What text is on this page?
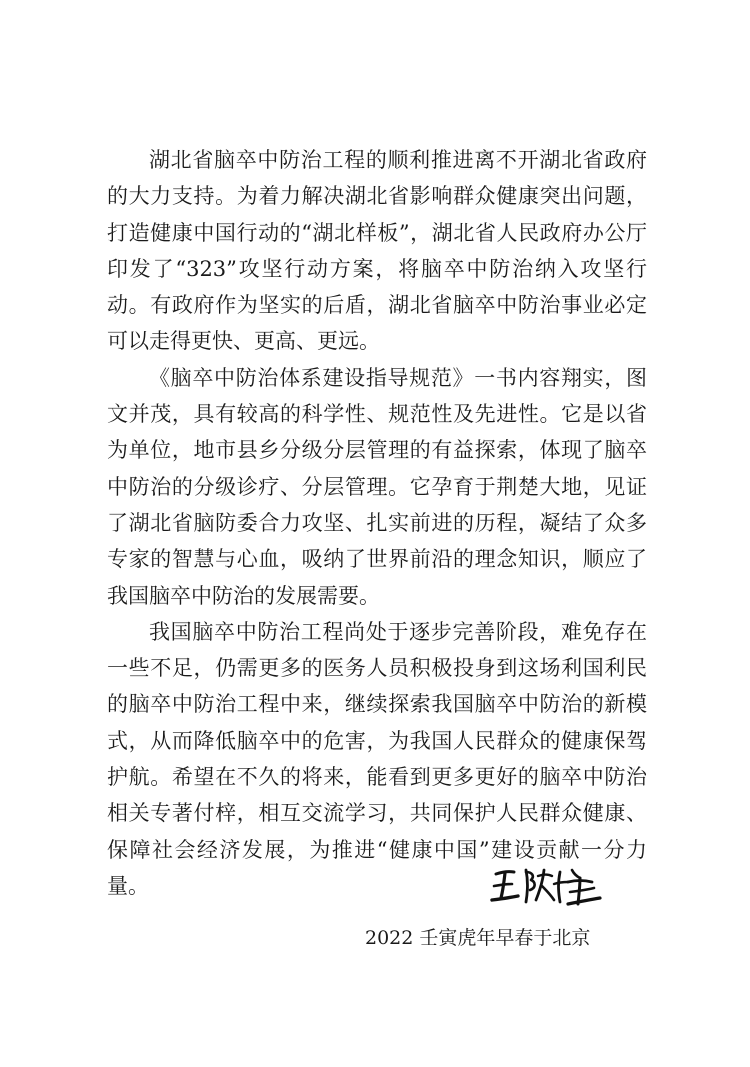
湖北省脑卒中防治工程的顺利推进离不开湖北省政府的大力支持。为着力解决湖北省影响群众健康突出问题，打造健康中国行动的“湖北样板”，湖北省人民政府办公厅印发了“323”攻坚行动方案，将脑卒中防治纳入攻坚行动。有政府作为坚实的后盾，湖北省脑卒中防治事业必定可以走得更快、更高、更远。

《脑卒中防治体系建设指导规范》一书内容翔实，图文并茂，具有较高的科学性、规范性及先进性。它是以省为单位，地市县乡分级分层管理的有益探索，体现了脑卒中防治的分级诊疗、分层管理。它孕育于荆楚大地，见证了湖北省脑防委合力攻坚、扎实前进的历程，凝结了众多专家的智慧与心血，吸纳了世界前沿的理念知识，顺应了我国脑卒中防治的发展需要。

我国脑卒中防治工程尚处于逐步完善阶段，难免存在一些不足，仍需更多的医务人员积极投身到这场利国利民的脑卒中防治工程中来，继续探索我国脑卒中防治的新模式，从而降低脑卒中的危害，为我国人民群众的健康保驾护航。希望在不久的将来，能看到更多更好的脑卒中防治相关专著付梓，相互交流学习，共同保护人民群众健康、保障社会经济发展，为推进“健康中国”建设贡献一分力量。

2022 壬寅虎年早春于北京
